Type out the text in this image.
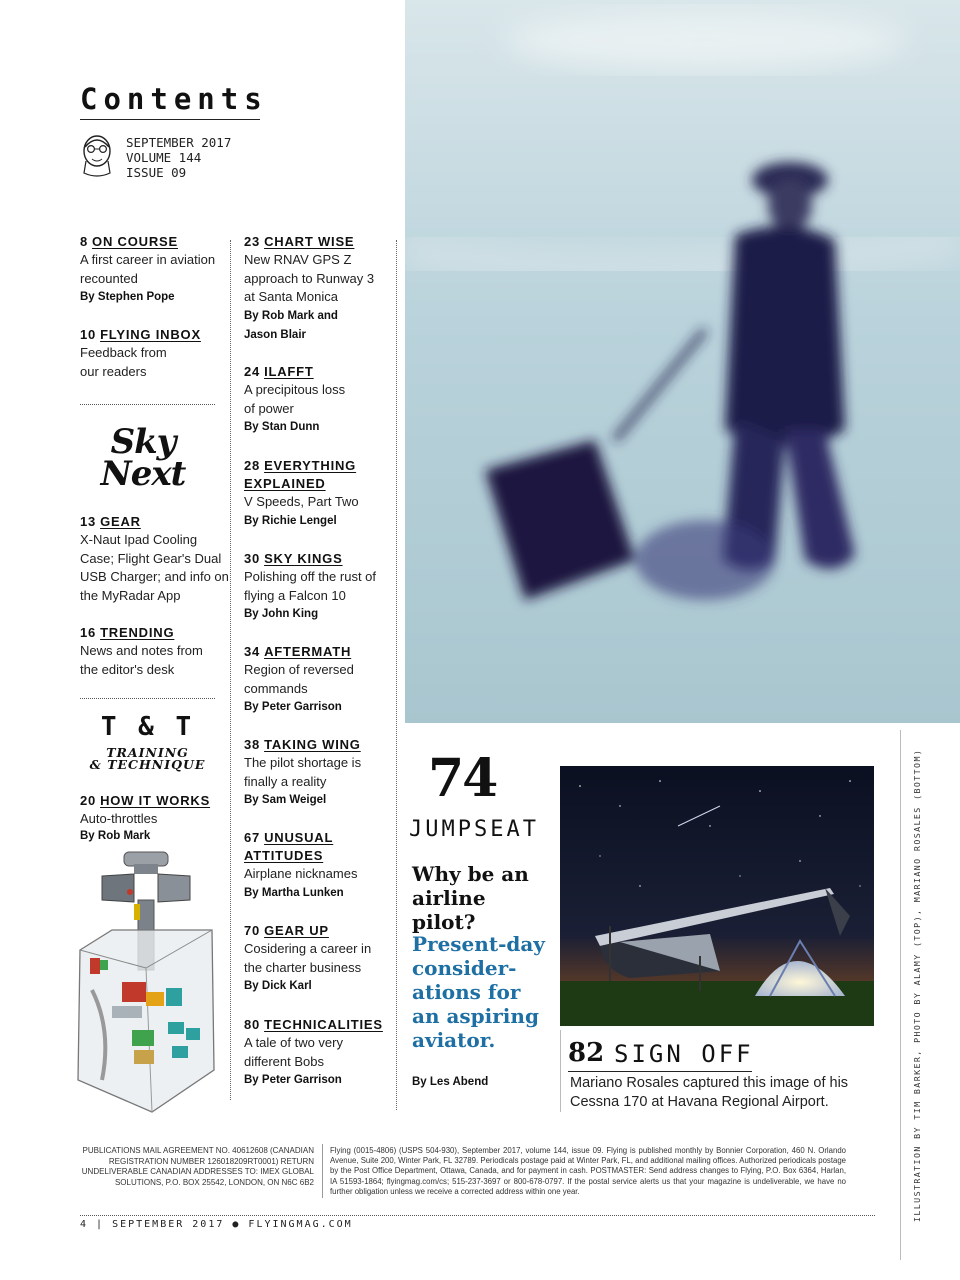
Contents
SEPTEMBER 2017
VOLUME 144
ISSUE 09
8 ON COURSE
A first career in aviation recounted
By Stephen Pope
10 FLYING INBOX
Feedback from our readers
Sky
Next
13 GEAR
X-Naut Ipad Cooling Case; Flight Gear's Dual USB Charger; and info on the MyRadar App
16 TRENDING
News and notes from the editor's desk
T & T
TRAINING
& TECHNIQUE
20 HOW IT WORKS
Auto-throttles
By Rob Mark
23 CHART WISE
New RNAV GPS Z approach to Runway 3 at Santa Monica
By Rob Mark and Jason Blair
24 ILAFFT
A precipitous loss of power
By Stan Dunn
28 EVERYTHING EXPLAINED
V Speeds, Part Two
By Richie Lengel
30 SKY KINGS
Polishing off the rust of flying a Falcon 10
By John King
34 AFTERMATH
Region of reversed commands
By Peter Garrison
38 TAKING WING
The pilot shortage is finally a reality
By Sam Weigel
67 UNUSUAL ATTITUDES
Airplane nicknames
By Martha Lunken
70 GEAR UP
Cosidering a career in the charter business
By Dick Karl
80 TECHNICALITIES
A tale of two very different Bobs
By Peter Garrison
74
JUMPSEAT
Why be an airline pilot?
Present-day consider-ations for an aspiring aviator.
By Les Abend
82 SIGN OFF
Mariano Rosales captured this image of his Cessna 170 at Havana Regional Airport.	ILLUSTRATION BY TIM BARKER, PHOTO BY ALAMY (TOP), MARIANO ROSALES (BOTTOM)
PUBLICATIONS MAIL AGREEMENT NO. 40612608 (CANADIAN REGISTRATION NUMBER 126018209RT0001) RETURN UNDELIVERABLE CANADIAN ADDRESSES TO: IMEX GLOBAL SOLUTIONS, P.O. BOX 25542, LONDON, ON N6C 6B2
Flying (0015-4806) (USPS 504-930), September 2017, volume 144, issue 09. Flying is published monthly by Bonnier Corporation, 460 N. Orlando Avenue, Suite 200, Winter Park, FL 32789. Periodicals postage paid at Winter Park, FL, and additional mailing offices. Authorized periodicals postage by the Post Office Department, Ottawa, Canada, and for payment in cash. POSTMASTER: Send address changes to Flying, P.O. Box 6364, Harlan, IA 51593-1864; flyingmag.com/cs; 515-237-3697 or 800-678-0797. If the postal service alerts us that your magazine is undeliverable, we have no further obligation unless we receive a corrected address within one year.
4 | SEPTEMBER 2017 ● FLYINGMAG.COM
